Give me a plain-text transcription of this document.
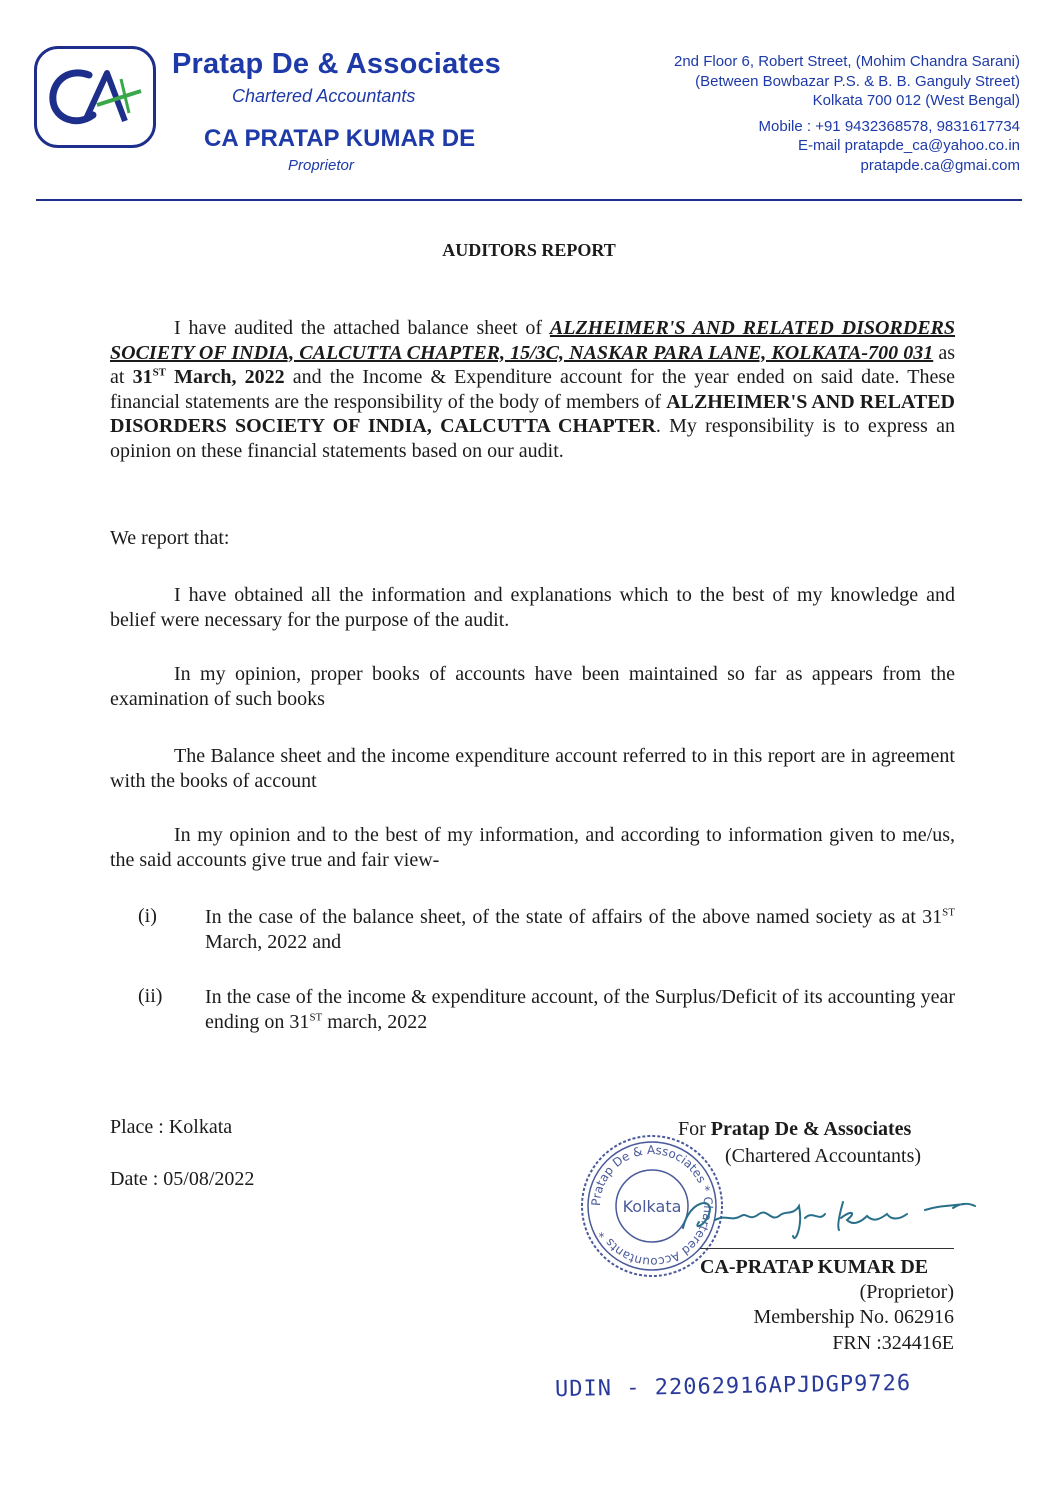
Pratap De & Associates
Chartered Accountants
CA PRATAP KUMAR DE
Proprietor
2nd Floor 6, Robert Street, (Mohim Chandra Sarani)
(Between Bowbazar P.S. & B. B. Ganguly Street)
Kolkata 700 012 (West Bengal)
Mobile : +91 9432368578, 9831617734
E-mail pratapde_ca@yahoo.co.in
pratapde.ca@gmai.com
AUDITORS REPORT
I have audited the attached balance sheet of ALZHEIMER'S AND RELATED DISORDERS SOCIETY OF INDIA, CALCUTTA CHAPTER, 15/3C, NASKAR PARA LANE, KOLKATA-700 031 as at 31ST March, 2022 and the Income & Expenditure account for the year ended on said date. These financial statements are the responsibility of the body of members of ALZHEIMER'S AND RELATED DISORDERS SOCIETY OF INDIA, CALCUTTA CHAPTER. My responsibility is to express an opinion on these financial statements based on our audit.
We report that:
I have obtained all the information and explanations which to the best of my knowledge and belief were necessary for the purpose of the audit.
In my opinion, proper books of accounts have been maintained so far as appears from the examination of such books
The Balance sheet and the income expenditure account referred to in this report are in agreement with the books of account
In my opinion and to the best of my information, and according to information given to me/us, the said accounts give true and fair view-
(i) In the case of the balance sheet, of the state of affairs of the above named society as at 31ST March, 2022 and
(ii) In the case of the income & expenditure account, of the Surplus/Deficit of its accounting year ending on 31ST march, 2022
Place : Kolkata
Date : 05/08/2022
For Pratap De & Associates
(Chartered Accountants)
Pratap De & Associates * Chartered Accountants *
Kolkata
CA-PRATAP KUMAR DE
(Proprietor)
Membership No. 062916
FRN :324416E
UDIN - 22062916APJDGP9726
